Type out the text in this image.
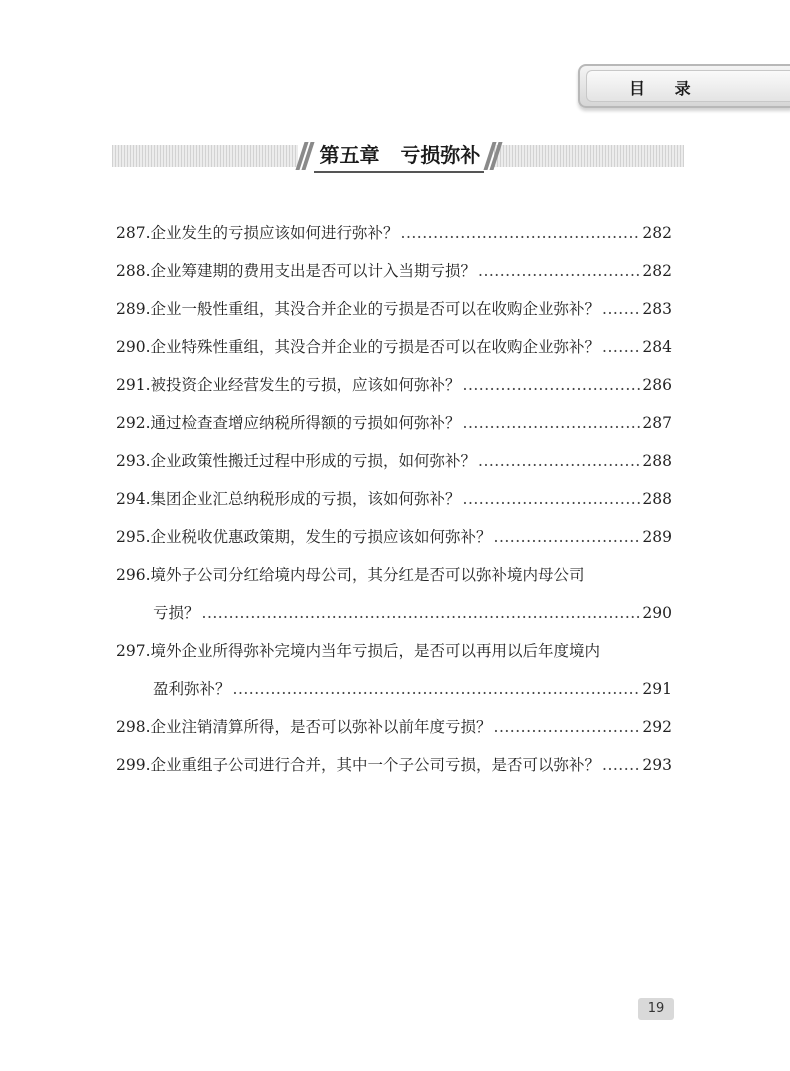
目 录
第五章   亏损弥补
287. 企业发生的亏损应该如何进行弥补？ .....	282
288. 企业筹建期的费用支出是否可以计入当期亏损？ .....	282
289. 企业一般性重组，其没合并企业的亏损是否可以在收购企业弥补？ .....	283
290. 企业特殊性重组，其没合并企业的亏损是否可以在收购企业弥补？ .....	284
291. 被投资企业经营发生的亏损，应该如何弥补？ .....	286
292. 通过检查查增应纳税所得额的亏损如何弥补？ .....	287
293. 企业政策性搬迁过程中形成的亏损，如何弥补？ .....	288
294. 集团企业汇总纳税形成的亏损，该如何弥补？ .....	288
295. 企业税收优惠政策期，发生的亏损应该如何弥补？ .....	289
296. 境外子公司分红给境内母公司，其分红是否可以弥补境内母公司
亏损？ .....	290
297. 境外企业所得弥补完境内当年亏损后，是否可以再用以后年度境内
盈利弥补？ .....	291
298. 企业注销清算所得，是否可以弥补以前年度亏损？ .....	292
299. 企业重组子公司进行合并，其中一个子公司亏损，是否可以弥补？ .....	293
19
